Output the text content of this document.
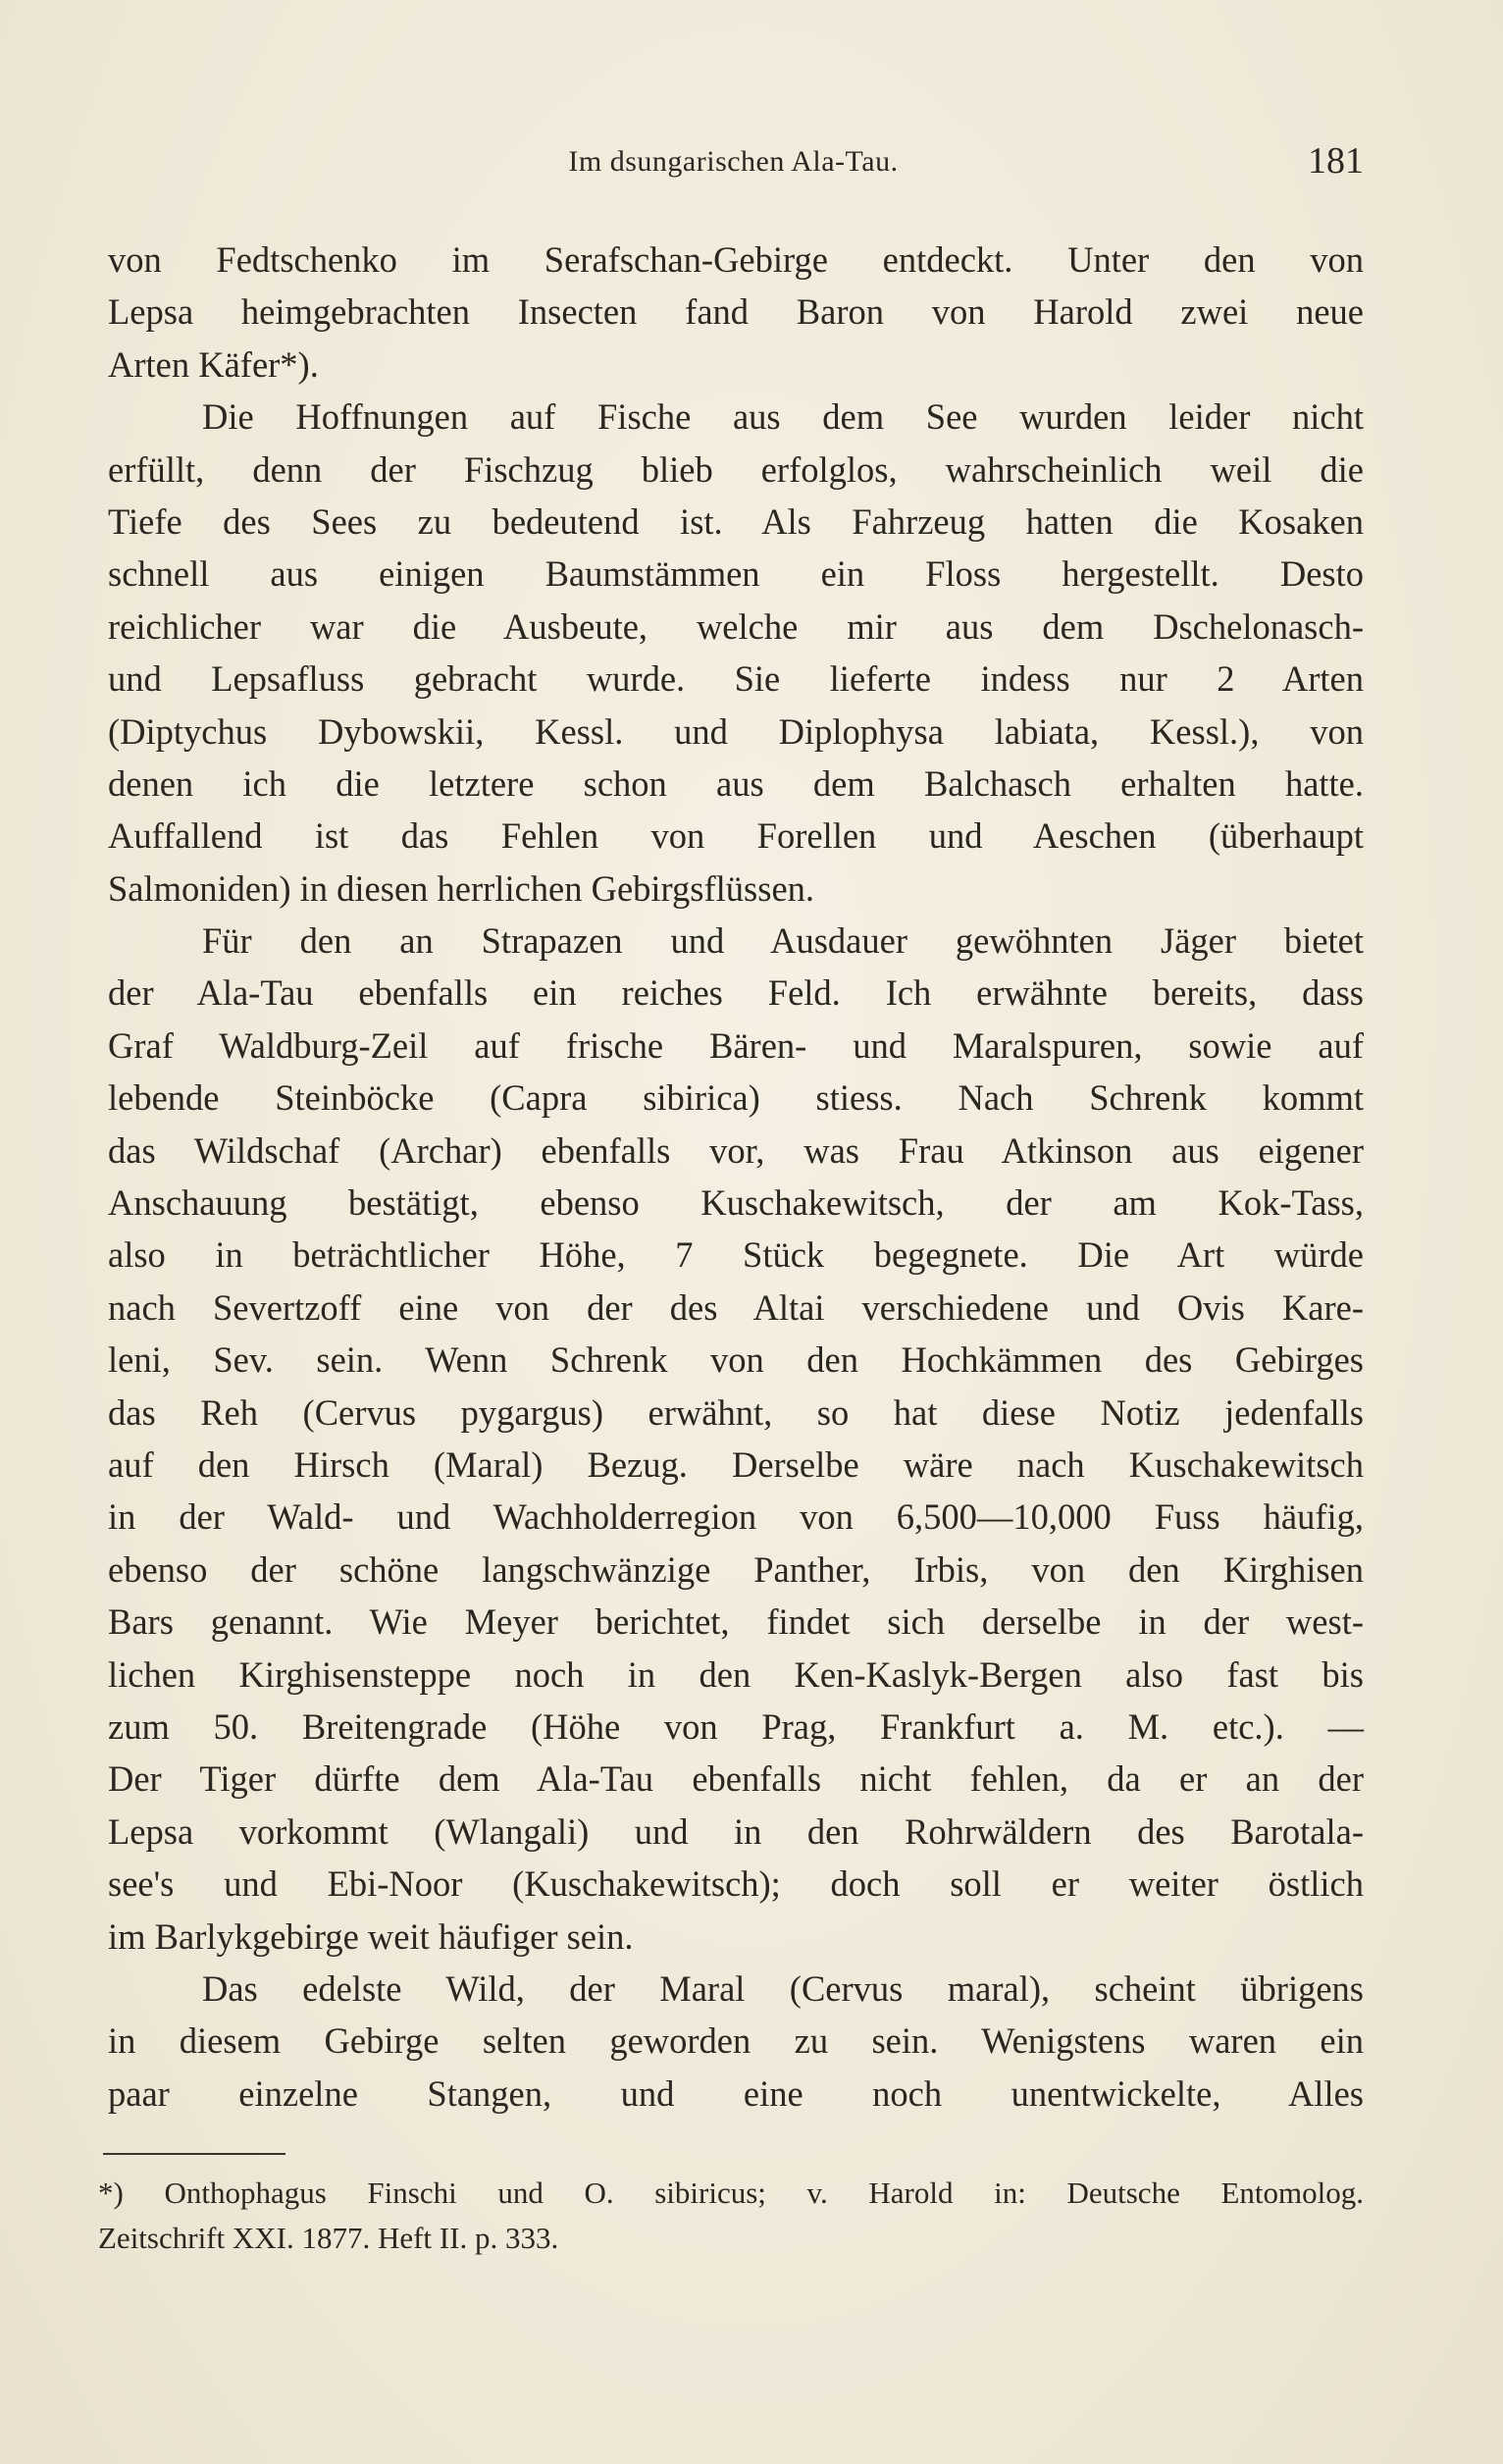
Im dsungarischen Ala-Tau.	181
von Fedtschenko im Serafschan-Gebirge entdeckt. Unter den von
Lepsa heimgebrachten Insecten fand Baron von Harold zwei neue
Arten Käfer*).
Die Hoffnungen auf Fische aus dem See wurden leider nicht
erfüllt, denn der Fischzug blieb erfolglos, wahrscheinlich weil die
Tiefe des Sees zu bedeutend ist. Als Fahrzeug hatten die Kosaken
schnell aus einigen Baumstämmen ein Floss hergestellt. Desto
reichlicher war die Ausbeute, welche mir aus dem Dschelonasch-
und Lepsafluss gebracht wurde. Sie lieferte indess nur 2 Arten
(Diptychus Dybowskii, Kessl. und Diplophysa labiata, Kessl.), von
denen ich die letztere schon aus dem Balchasch erhalten hatte.
Auffallend ist das Fehlen von Forellen und Aeschen (überhaupt
Salmoniden) in diesen herrlichen Gebirgsflüssen.
Für den an Strapazen und Ausdauer gewöhnten Jäger bietet
der Ala-Tau ebenfalls ein reiches Feld. Ich erwähnte bereits, dass
Graf Waldburg-Zeil auf frische Bären- und Maralspuren, sowie auf
lebende Steinböcke (Capra sibirica) stiess. Nach Schrenk kommt
das Wildschaf (Archar) ebenfalls vor, was Frau Atkinson aus eigener
Anschauung bestätigt, ebenso Kuschakewitsch, der am Kok-Tass,
also in beträchtlicher Höhe, 7 Stück begegnete. Die Art würde
nach Severtzoff eine von der des Altai verschiedene und Ovis Kare-
leni, Sev. sein. Wenn Schrenk von den Hochkämmen des Gebirges
das Reh (Cervus pygargus) erwähnt, so hat diese Notiz jedenfalls
auf den Hirsch (Maral) Bezug. Derselbe wäre nach Kuschakewitsch
in der Wald- und Wachholderregion von 6,500—10,000 Fuss häufig,
ebenso der schöne langschwänzige Panther, Irbis, von den Kirghisen
Bars genannt. Wie Meyer berichtet, findet sich derselbe in der west-
lichen Kirghisensteppe noch in den Ken-Kaslyk-Bergen also fast bis
zum 50. Breitengrade (Höhe von Prag, Frankfurt a. M. etc.). —
Der Tiger dürfte dem Ala-Tau ebenfalls nicht fehlen, da er an der
Lepsa vorkommt (Wlangali) und in den Rohrwäldern des Barotala-
see's und Ebi-Noor (Kuschakewitsch); doch soll er weiter östlich
im Barlykgebirge weit häufiger sein.
Das edelste Wild, der Maral (Cervus maral), scheint übrigens
in diesem Gebirge selten geworden zu sein. Wenigstens waren ein
paar einzelne Stangen, und eine noch unentwickelte, Alles
*) Onthophagus Finschi und O. sibiricus; v. Harold in: Deutsche Entomolog.
Zeitschrift XXI. 1877. Heft II. p. 333.
